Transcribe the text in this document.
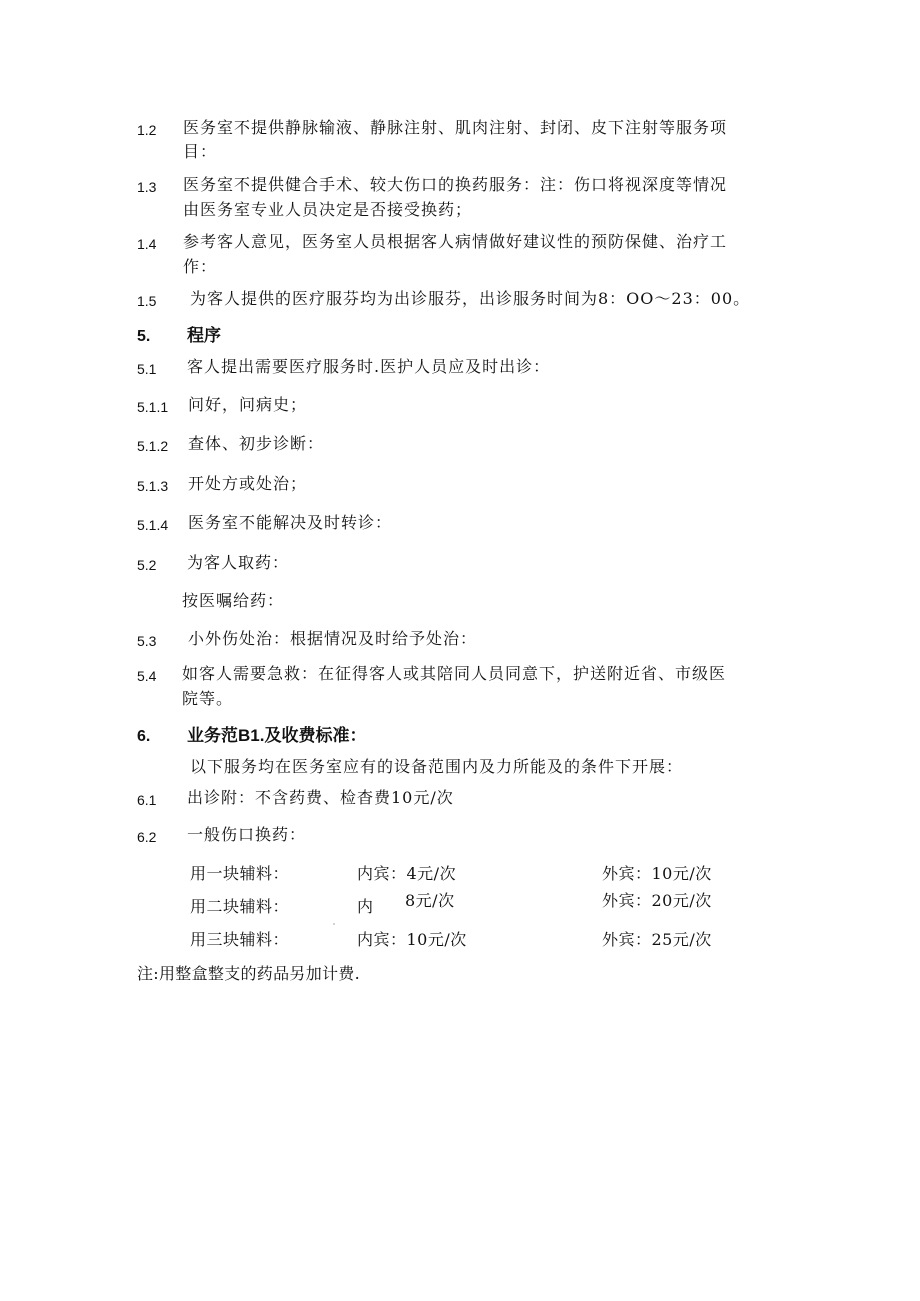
1.2 医务室不提供静脉输液、静脉注射、肌肉注射、封闭、皮下注射等服务项
目：
1.3 医务室不提供健合手术、较大伤口的换药服务：注：伤口将视深度等情况
由医务室专业人员决定是否接受换药；
1.4 参考客人意见，医务室人员根据客人病情做好建议性的预防保健、治疗工
作：
1.5 为客人提供的医疗服芬均为出诊服芬，出诊服务时间为8：OO～23：00。
5. 程序
5.1 客人提出需要医疗服务时.医护人员应及时出诊：
5.1.1 问好，问病史；
5.1.2 查体、初步诊断：
5.1.3 开处方或处治；
5.1.4 医务室不能解决及时转诊：
5.2 为客人取药：
按医嘱给药：
5.3 小外伤处治：根据情况及时给予处治：
5.4 如客人需要急救：在征得客人或其陪同人员同意下，护送附近省、市级医
院等。
6. 业务范B1.及收费标准：
以下服务均在医务室应有的设备范围内及力所能及的条件下开展：
6.1 出诊附：不含药费、检杳费10元/次
6.2 一般伤口换药：
用一块辅料：	内宾：4元/次	外宾：10元/次
用二块辅料：	内 8元/次	外宾：20元/次
用三块辅料：	内宾：10元/次	外宾：25元/次
注:用整盒整支的药品另加计费.
